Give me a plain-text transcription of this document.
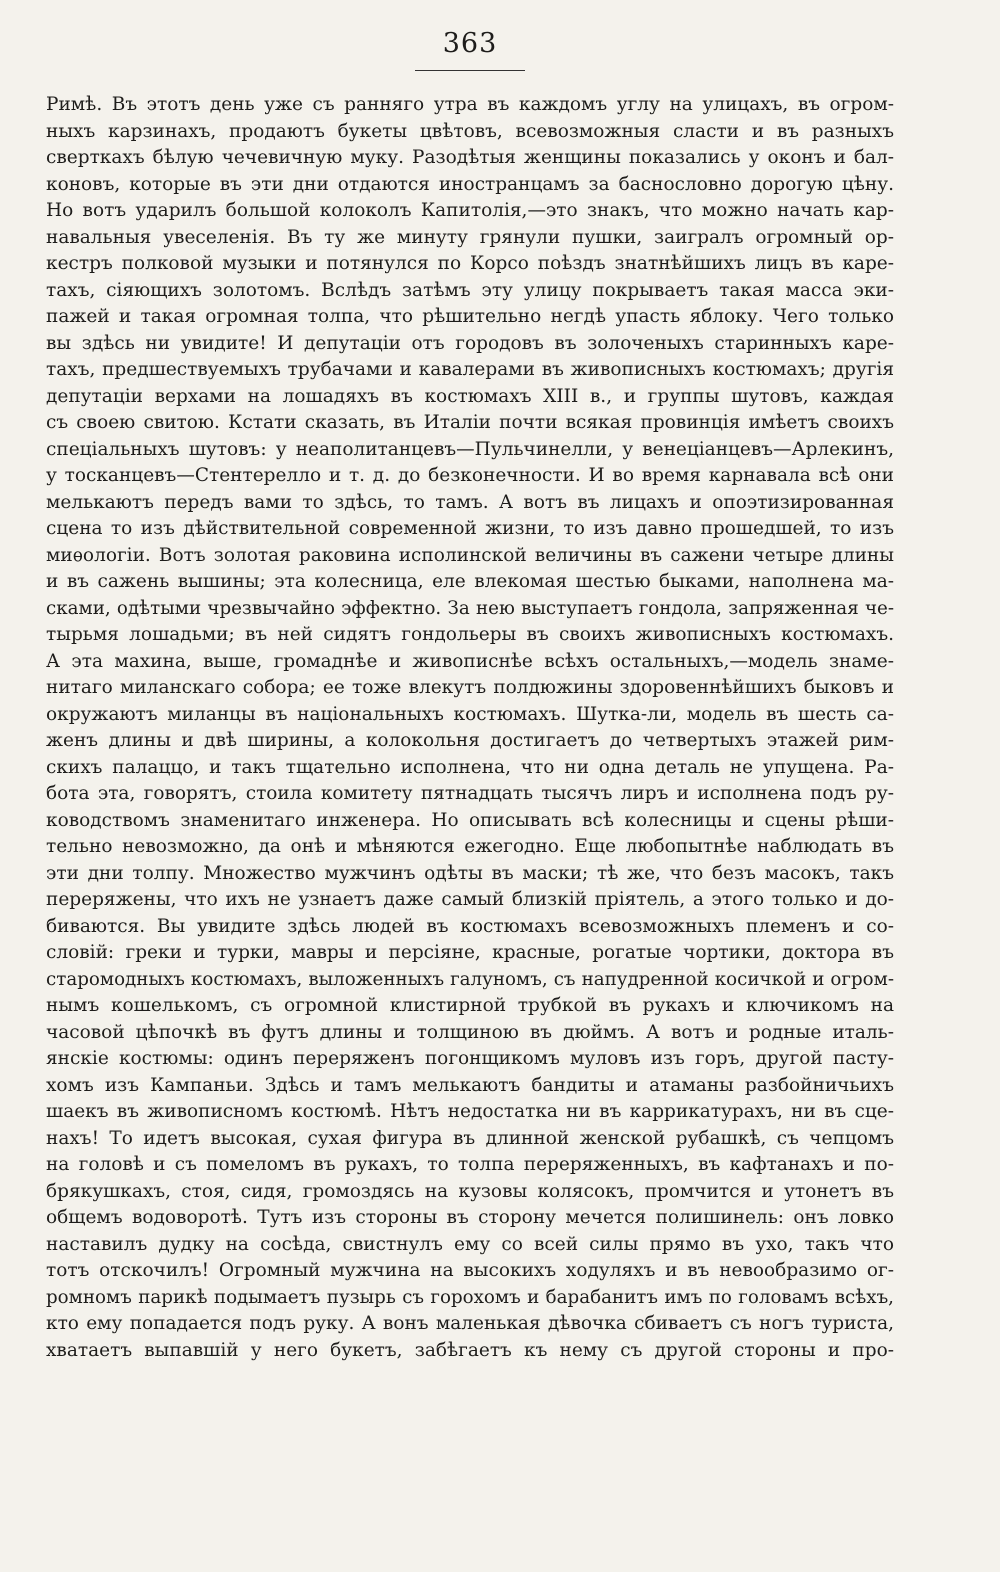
363
Римѣ. Въ этотъ день уже съ ранняго утра въ каждомъ углу на улицахъ, въ огром-
ныхъ карзинахъ, продаютъ букеты цвѣтовъ, всевозможныя сласти и въ разныхъ
сверткахъ бѣлую чечевичную муку. Разодѣтыя женщины показались у оконъ и бал-
коновъ, которые въ эти дни отдаются иностранцамъ за баснословно дорогую цѣну.
Но вотъ ударилъ большой колоколъ Капитолія,—это знакъ, что можно начать кар-
навальныя увеселенія. Въ ту же минуту грянули пушки, заигралъ огромный ор-
кестръ полковой музыки и потянулся по Корсо поѣздъ знатнѣйшихъ лицъ въ каре-
тахъ, сіяющихъ золотомъ. Вслѣдъ затѣмъ эту улицу покрываетъ такая масса эки-
пажей и такая огромная толпа, что рѣшительно негдѣ упасть яблоку. Чего только
вы здѣсь ни увидите! И депутаціи отъ городовъ въ золоченыхъ старинныхъ каре-
тахъ, предшествуемыхъ трубачами и кавалерами въ живописныхъ костюмахъ; другія
депутаціи верхами на лошадяхъ въ костюмахъ XIII в., и группы шутовъ, каждая
съ своею свитою. Кстати сказать, въ Италіи почти всякая провинція имѣетъ своихъ
спеціальныхъ шутовъ: у неаполитанцевъ—Пульчинелли, у венеціанцевъ—Арлекинъ,
у тосканцевъ—Стентерелло и т. д. до безконечности. И во время карнавала всѣ они
мелькаютъ передъ вами то здѣсь, то тамъ. А вотъ въ лицахъ и опоэтизированная
сцена то изъ дѣйствительной современной жизни, то изъ давно прошедшей, то изъ
миѳологіи. Вотъ золотая раковина исполинской величины въ сажени четыре длины
и въ сажень вышины; эта колесница, еле влекомая шестью быками, наполнена ма-
сками, одѣтыми чрезвычайно эффектно. За нею выступаетъ гондола, запряженная че-
тырьмя лошадьми; въ ней сидятъ гондольеры въ своихъ живописныхъ костюмахъ.
А эта махина, выше, громаднѣе и живописнѣе всѣхъ остальныхъ,—модель знаме-
нитаго миланскаго собора; ее тоже влекутъ полдюжины здоровеннѣйшихъ быковъ и
окружаютъ миланцы въ національныхъ костюмахъ. Шутка-ли, модель въ шесть са-
женъ длины и двѣ ширины, а колокольня достигаетъ до четвертыхъ этажей рим-
скихъ палаццо, и такъ тщательно исполнена, что ни одна деталь не упущена. Ра-
бота эта, говорятъ, стоила комитету пятнадцать тысячъ лиръ и исполнена подъ ру-
ководствомъ знаменитаго инженера. Но описывать всѣ колесницы и сцены рѣши-
тельно невозможно, да онѣ и мѣняются ежегодно. Еще любопытнѣе наблюдать въ
эти дни толпу. Множество мужчинъ одѣты въ маски; тѣ же, что безъ масокъ, такъ
переряжены, что ихъ не узнаетъ даже самый близкій пріятель, а этого только и до-
биваются. Вы увидите здѣсь людей въ костюмахъ всевозможныхъ племенъ и со-
словій: греки и турки, мавры и персіяне, красные, рогатые чортики, доктора въ
старомодныхъ костюмахъ, выложенныхъ галуномъ, съ напудренной косичкой и огром-
нымъ кошелькомъ, съ огромной клистирной трубкой въ рукахъ и ключикомъ на
часовой цѣпочкѣ въ футъ длины и толщиною въ дюймъ. А вотъ и родные италь-
янскіе костюмы: одинъ переряженъ погонщикомъ муловъ изъ горъ, другой пасту-
хомъ изъ Кампаньи. Здѣсь и тамъ мелькаютъ бандиты и атаманы разбойничьихъ
шаекъ въ живописномъ костюмѣ. Нѣтъ недостатка ни въ каррикатурахъ, ни въ сце-
нахъ! То идетъ высокая, сухая фигура въ длинной женской рубашкѣ, съ чепцомъ
на головѣ и съ помеломъ въ рукахъ, то толпа переряженныхъ, въ кафтанахъ и по-
брякушкахъ, стоя, сидя, громоздясь на кузовы колясокъ, промчится и утонетъ въ
общемъ водоворотѣ. Тутъ изъ стороны въ сторону мечется полишинель: онъ ловко
наставилъ дудку на сосѣда, свистнулъ ему со всей силы прямо въ ухо, такъ что
тотъ отскочилъ! Огромный мужчина на высокихъ ходуляхъ и въ невообразимо ог-
ромномъ парикѣ подымаетъ пузырь съ горохомъ и барабанитъ имъ по головамъ всѣхъ,
кто ему попадается подъ руку. А вонъ маленькая дѣвочка сбиваетъ съ ногъ туриста,
хватаетъ выпавшій у него букетъ, забѣгаетъ къ нему съ другой стороны и про-
